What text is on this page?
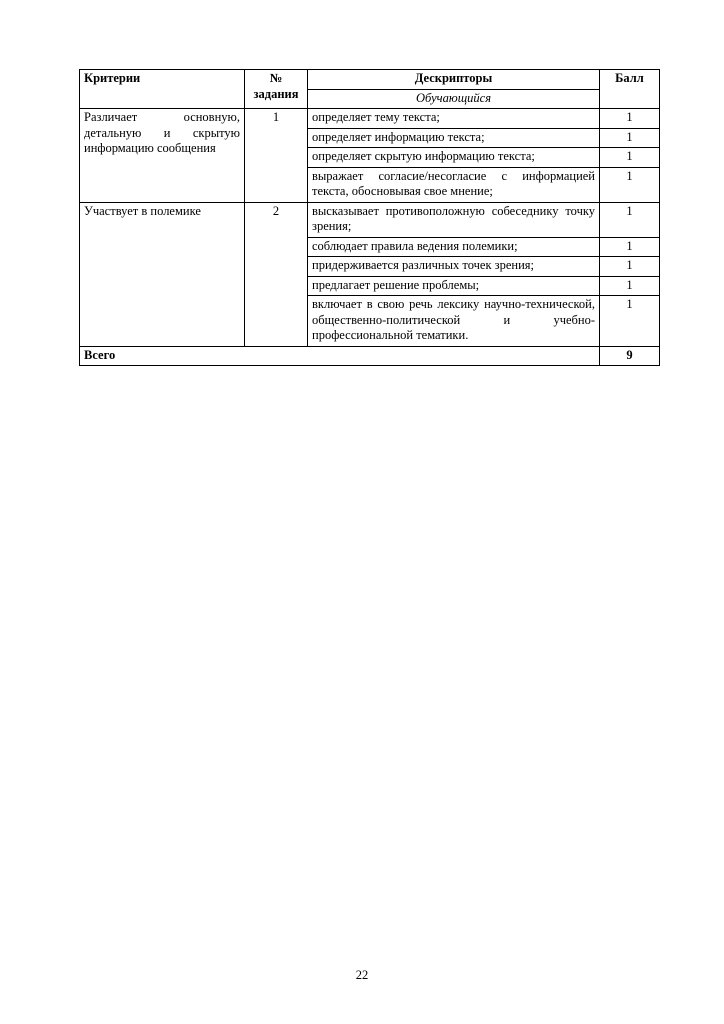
Критерии	№ задания	Дескрипторы	Балл
		Обучающийся	
Различает основную, детальную и скрытую информацию сообщения	1	определяет тему текста;	1
		определяет информацию текста;	1
		определяет скрытую информацию текста;	1
		выражает согласие/несогласие с информацией текста, обосновывая свое мнение;	1
Участвует в полемике	2	высказывает противоположную собеседнику точку зрения;	1
		соблюдает правила ведения полемики;	1
		придерживается различных точек зрения;	1
		предлагает решение проблемы;	1
		включает в свою речь лексику научно-технической, общественно-политической и учебно-профессиональной тематики.	1
Всего			9
22
